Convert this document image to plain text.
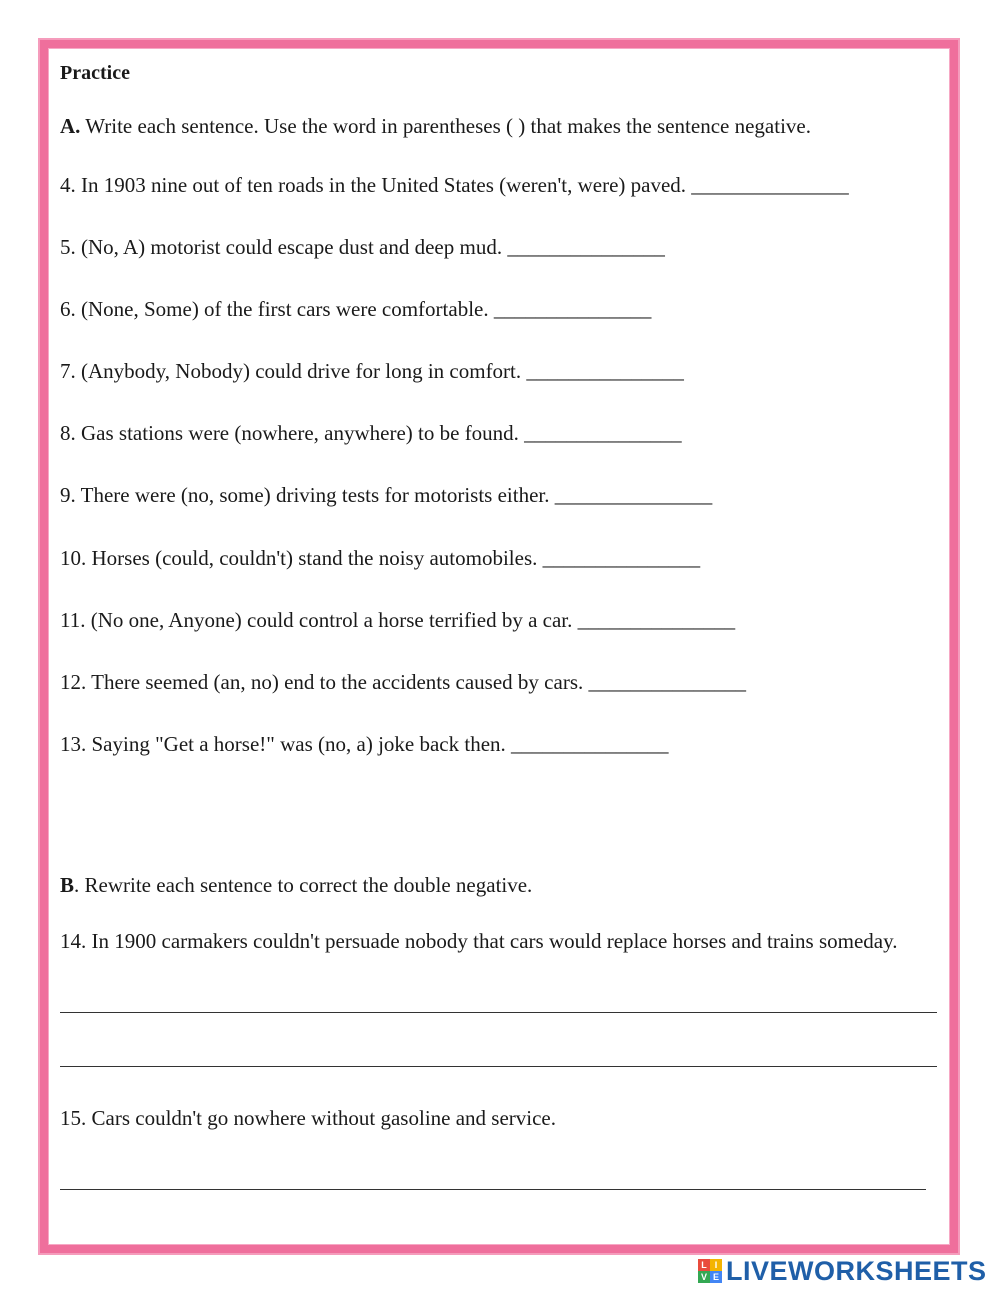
Practice
A. Write each sentence. Use the word in parentheses ( ) that makes the sentence negative.
4. In 1903 nine out of ten roads in the United States (weren't, were) paved. _______________
5. (No, A) motorist could escape dust and deep mud. _______________
6. (None, Some) of the first cars were comfortable. _______________
7. (Anybody, Nobody) could drive for long in comfort. _______________
8. Gas stations were (nowhere, anywhere) to be found. _______________
9. There were (no, some) driving tests for motorists either. _______________
10. Horses (could, couldn't) stand the noisy automobiles. _______________
11. (No one, Anyone) could control a horse terrified by a car. _______________
12. There seemed (an, no) end to the accidents caused by cars. _______________
13. Saying "Get a horse!" was (no, a) joke back then. _______________
B. Rewrite each sentence to correct the double negative.
14. In 1900 carmakers couldn't persuade nobody that cars would replace horses and trains someday.
15. Cars couldn't go nowhere without gasoline and service.
L I
V E LIVEWORKSHEETS
